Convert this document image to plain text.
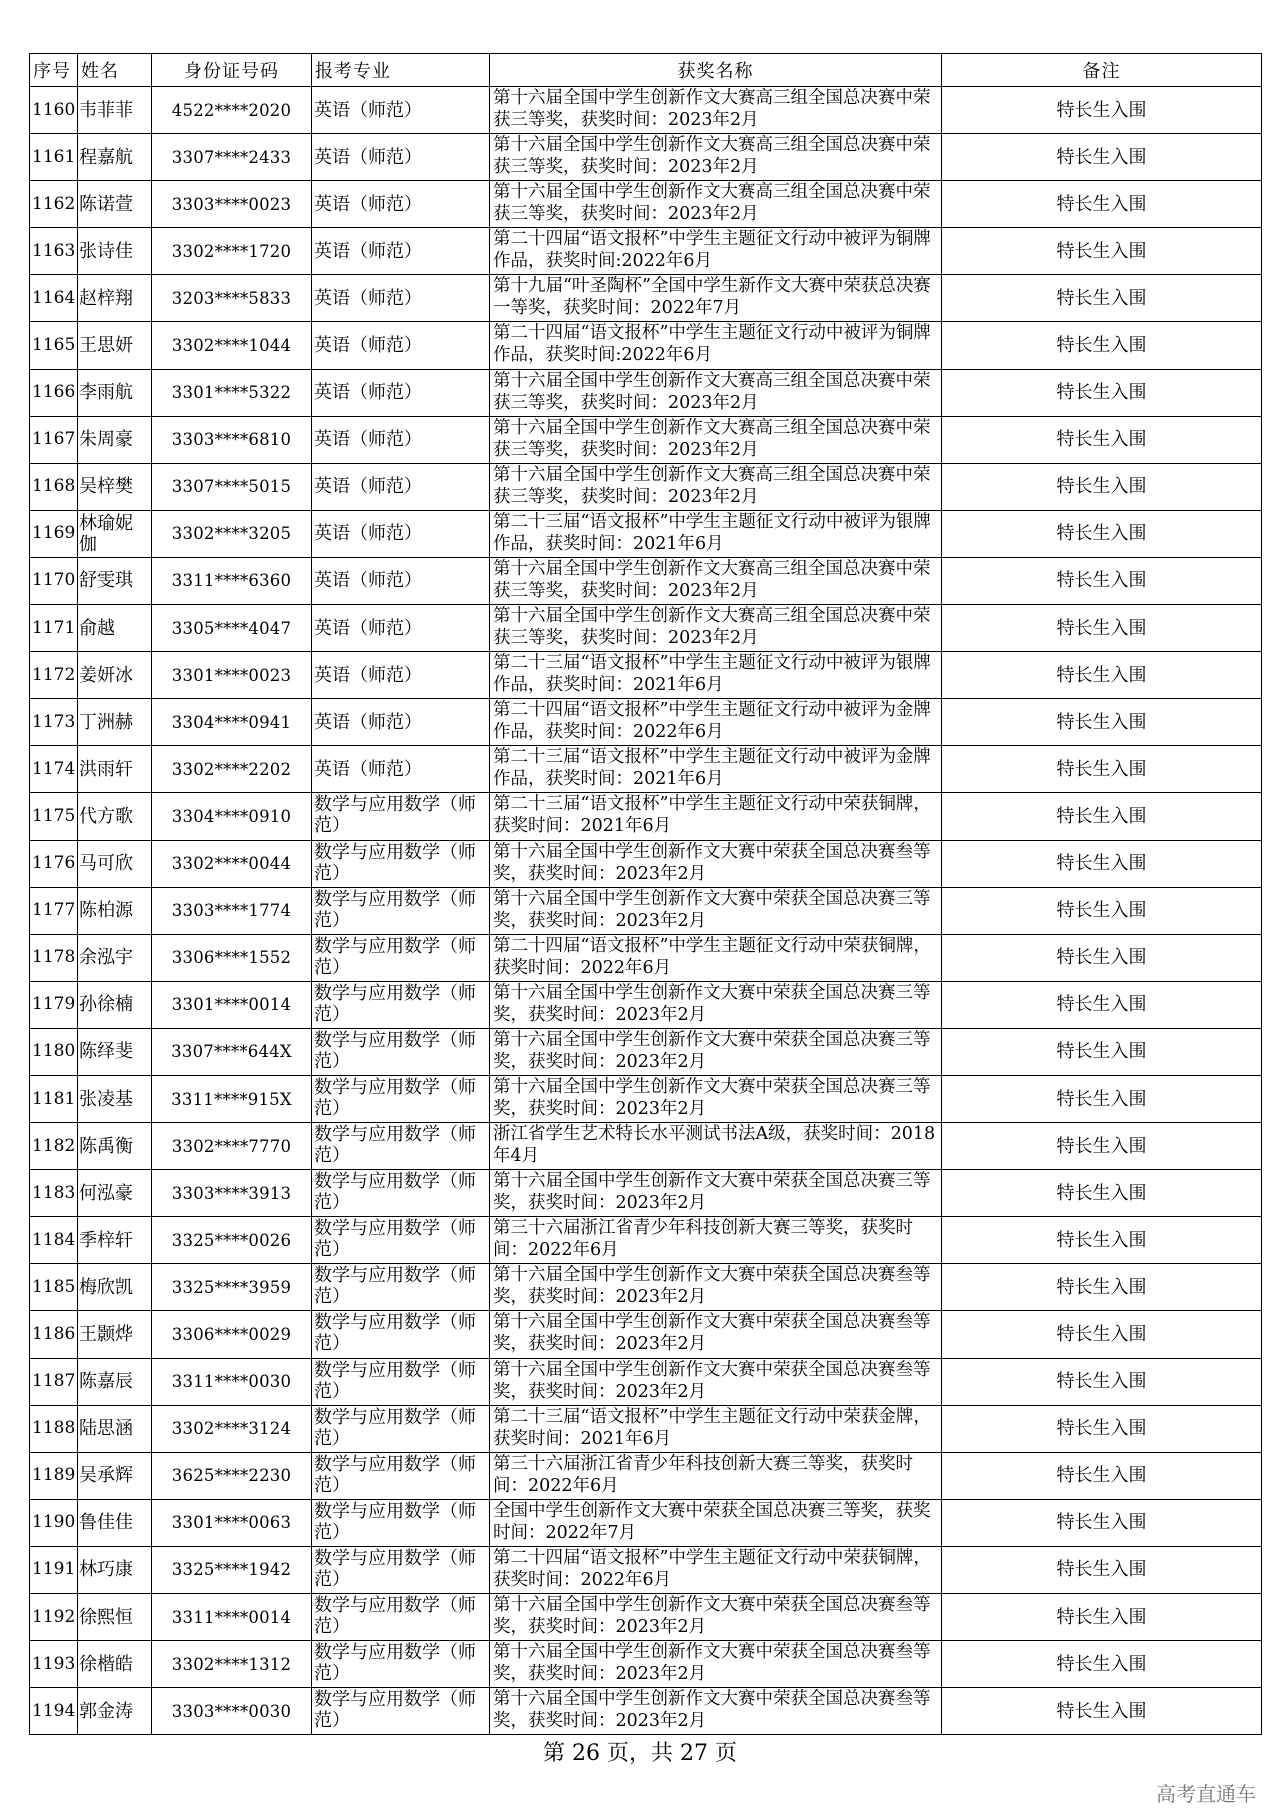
序号	姓名	身份证号码	报考专业	获奖名称	备注
1160	韦菲菲	4522****2020	英语（师范）	第十六届全国中学生创新作文大赛高三组全国总决赛中荣获三等奖，获奖时间：2023年2月	特长生入围
1161	程嘉航	3307****2433	英语（师范）	第十六届全国中学生创新作文大赛高三组全国总决赛中荣获三等奖，获奖时间：2023年2月	特长生入围
1162	陈诺萱	3303****0023	英语（师范）	第十六届全国中学生创新作文大赛高三组全国总决赛中荣获三等奖，获奖时间：2023年2月	特长生入围
1163	张诗佳	3302****1720	英语（师范）	第二十四届“语文报杯”中学生主题征文行动中被评为铜牌作品，获奖时间:2022年6月	特长生入围
1164	赵梓翔	3203****5833	英语（师范）	第十九届“叶圣陶杯”全国中学生新作文大赛中荣获总决赛一等奖，获奖时间：2022年7月	特长生入围
1165	王思妍	3302****1044	英语（师范）	第二十四届“语文报杯”中学生主题征文行动中被评为铜牌作品，获奖时间:2022年6月	特长生入围
1166	李雨航	3301****5322	英语（师范）	第十六届全国中学生创新作文大赛高三组全国总决赛中荣获三等奖，获奖时间：2023年2月	特长生入围
1167	朱周豪	3303****6810	英语（师范）	第十六届全国中学生创新作文大赛高三组全国总决赛中荣获三等奖，获奖时间：2023年2月	特长生入围
1168	吴梓樊	3307****5015	英语（师范）	第十六届全国中学生创新作文大赛高三组全国总决赛中荣获三等奖，获奖时间：2023年2月	特长生入围
1169	林瑜妮伽	3302****3205	英语（师范）	第二十三届“语文报杯”中学生主题征文行动中被评为银牌作品，获奖时间：2021年6月	特长生入围
1170	舒雯琪	3311****6360	英语（师范）	第十六届全国中学生创新作文大赛高三组全国总决赛中荣获三等奖，获奖时间：2023年2月	特长生入围
1171	俞越	3305****4047	英语（师范）	第十六届全国中学生创新作文大赛高三组全国总决赛中荣获三等奖，获奖时间：2023年2月	特长生入围
1172	姜妍冰	3301****0023	英语（师范）	第二十三届“语文报杯”中学生主题征文行动中被评为银牌作品，获奖时间：2021年6月	特长生入围
1173	丁洲赫	3304****0941	英语（师范）	第二十四届“语文报杯”中学生主题征文行动中被评为金牌作品，获奖时间：2022年6月	特长生入围
1174	洪雨轩	3302****2202	英语（师范）	第二十三届“语文报杯”中学生主题征文行动中被评为金牌作品，获奖时间：2021年6月	特长生入围
1175	代方歌	3304****0910	数学与应用数学（师范）	第二十三届“语文报杯”中学生主题征文行动中荣获铜牌，获奖时间：2021年6月	特长生入围
1176	马可欣	3302****0044	数学与应用数学（师范）	第十六届全国中学生创新作文大赛中荣获全国总决赛叁等奖，获奖时间：2023年2月	特长生入围
1177	陈柏源	3303****1774	数学与应用数学（师范）	第十六届全国中学生创新作文大赛中荣获全国总决赛三等奖，获奖时间：2023年2月	特长生入围
1178	余泓宇	3306****1552	数学与应用数学（师范）	第二十四届“语文报杯”中学生主题征文行动中荣获铜牌，获奖时间：2022年6月	特长生入围
1179	孙徐楠	3301****0014	数学与应用数学（师范）	第十六届全国中学生创新作文大赛中荣获全国总决赛三等奖，获奖时间：2023年2月	特长生入围
1180	陈绎斐	3307****644X	数学与应用数学（师范）	第十六届全国中学生创新作文大赛中荣获全国总决赛三等奖，获奖时间：2023年2月	特长生入围
1181	张凌基	3311****915X	数学与应用数学（师范）	第十六届全国中学生创新作文大赛中荣获全国总决赛三等奖，获奖时间：2023年2月	特长生入围
1182	陈禹衡	3302****7770	数学与应用数学（师范）	浙江省学生艺术特长水平测试书法A级，获奖时间：2018年4月	特长生入围
1183	何泓豪	3303****3913	数学与应用数学（师范）	第十六届全国中学生创新作文大赛中荣获全国总决赛三等奖，获奖时间：2023年2月	特长生入围
1184	季梓轩	3325****0026	数学与应用数学（师范）	第三十六届浙江省青少年科技创新大赛三等奖，获奖时间：2022年6月	特长生入围
1185	梅欣凯	3325****3959	数学与应用数学（师范）	第十六届全国中学生创新作文大赛中荣获全国总决赛叁等奖，获奖时间：2023年2月	特长生入围
1186	王颢烨	3306****0029	数学与应用数学（师范）	第十六届全国中学生创新作文大赛中荣获全国总决赛叁等奖，获奖时间：2023年2月	特长生入围
1187	陈嘉辰	3311****0030	数学与应用数学（师范）	第十六届全国中学生创新作文大赛中荣获全国总决赛叁等奖，获奖时间：2023年2月	特长生入围
1188	陆思涵	3302****3124	数学与应用数学（师范）	第二十三届“语文报杯”中学生主题征文行动中荣获金牌，获奖时间：2021年6月	特长生入围
1189	吴承辉	3625****2230	数学与应用数学（师范）	第三十六届浙江省青少年科技创新大赛三等奖，获奖时间：2022年6月	特长生入围
1190	鲁佳佳	3301****0063	数学与应用数学（师范）	全国中学生创新作文大赛中荣获全国总决赛三等奖，获奖时间：2022年7月	特长生入围
1191	林巧康	3325****1942	数学与应用数学（师范）	第二十四届“语文报杯”中学生主题征文行动中荣获铜牌，获奖时间：2022年6月	特长生入围
1192	徐熙恒	3311****0014	数学与应用数学（师范）	第十六届全国中学生创新作文大赛中荣获全国总决赛叁等奖，获奖时间：2023年2月	特长生入围
1193	徐楷皓	3302****1312	数学与应用数学（师范）	第十六届全国中学生创新作文大赛中荣获全国总决赛叁等奖，获奖时间：2023年2月	特长生入围
1194	郭金涛	3303****0030	数学与应用数学（师范）	第十六届全国中学生创新作文大赛中荣获全国总决赛叁等奖，获奖时间：2023年2月	特长生入围
第 26 页，共 27 页
高考直通车
